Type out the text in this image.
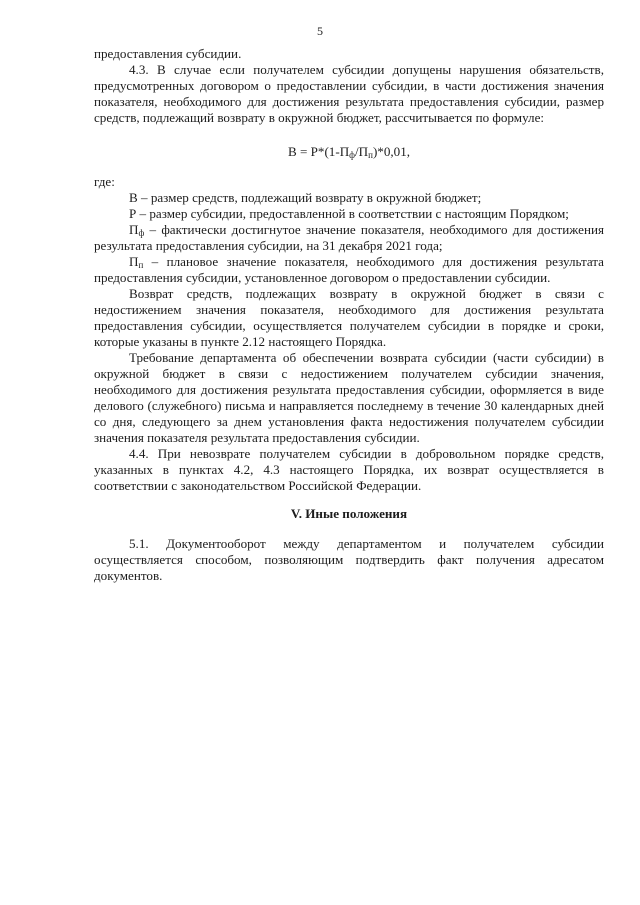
5

предоставления субсидии.

4.3. В случае если получателем субсидии допущены нарушения обязательств, предусмотренных договором о предоставлении субсидии, в части достижения значения показателя, необходимого для достижения результата предоставления субсидии, размер средств, подлежащий возврату в окружной бюджет, рассчитывается по формуле:

$В = Р*(1-П_ф/П_п)*0,01$,

где:

В – размер средств, подлежащий возврату в окружной бюджет;

Р – размер субсидии, предоставленной в соответствии с настоящим Порядком;

$П_ф$ – фактически достигнутое значение показателя, необходимого для достижения результата предоставления субсидии, на 31 декабря 2021 года;

$П_п$ – плановое значение показателя, необходимого для достижения результата предоставления субсидии, установленное договором о предоставлении субсидии.

Возврат средств, подлежащих возврату в окружной бюджет в связи с недостижением значения показателя, необходимого для достижения результата предоставления субсидии, осуществляется получателем субсидии в порядке и сроки, которые указаны в пункте 2.12 настоящего Порядка.

Требование департамента об обеспечении возврата субсидии (части субсидии) в окружной бюджет в связи с недостижением получателем субсидии значения, необходимого для достижения результата предоставления субсидии, оформляется в виде делового (служебного) письма и направляется последнему в течение 30 календарных дней со дня, следующего за днем установления факта недостижения получателем субсидии значения показателя результата предоставления субсидии.

4.4. При невозврате получателем субсидии в добровольном порядке средств, указанных в пунктах 4.2, 4.3 настоящего Порядка, их возврат осуществляется в соответствии с законодательством Российской Федерации.

V. Иные положения

5.1. Документооборот между департаментом и получателем субсидии осуществляется способом, позволяющим подтвердить факт получения адресатом документов.
